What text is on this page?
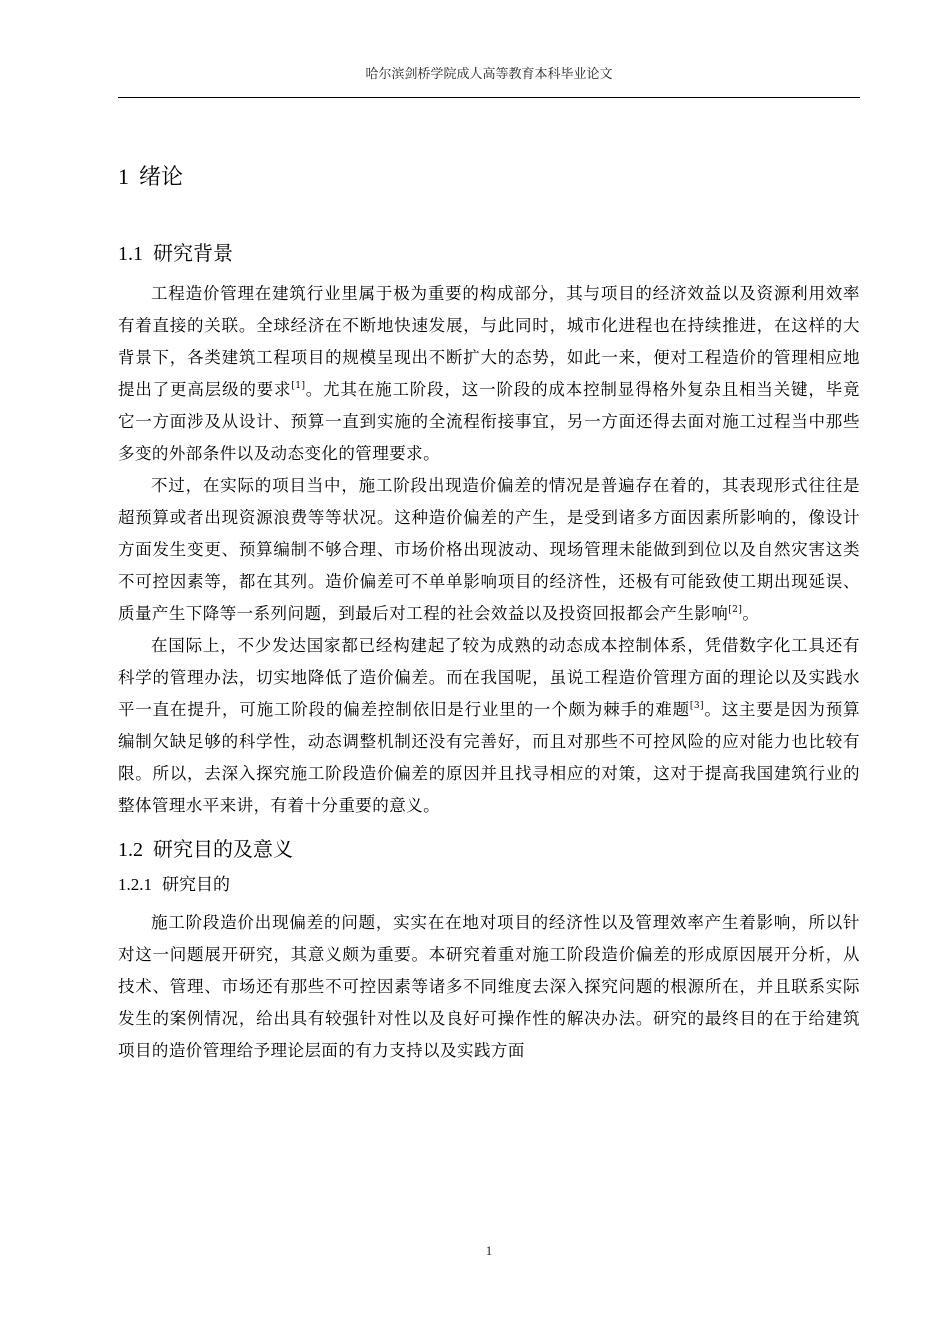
哈尔滨剑桥学院成人高等教育本科毕业论文
1 绪论
1.1 研究背景

工程造价管理在建筑行业里属于极为重要的构成部分，其与项目的经济效益以及资源利用效率有着直接的关联。全球经济在不断地快速发展，与此同时，城市化进程也在持续推进，在这样的大背景下，各类建筑工程项目的规模呈现出不断扩大的态势，如此一来，便对工程造价的管理相应地提出了更高层级的要求[1]。尤其在施工阶段，这一阶段的成本控制显得格外复杂且相当关键，毕竟它一方面涉及从设计、预算一直到实施的全流程衔接事宜，另一方面还得去面对施工过程当中那些多变的外部条件以及动态变化的管理要求。

不过，在实际的项目当中，施工阶段出现造价偏差的情况是普遍存在着的，其表现形式往往是超预算或者出现资源浪费等等状况。这种造价偏差的产生，是受到诸多方面因素所影响的，像设计方面发生变更、预算编制不够合理、市场价格出现波动、现场管理未能做到到位以及自然灾害这类不可控因素等，都在其列。造价偏差可不单单影响项目的经济性，还极有可能致使工期出现延误、质量产生下降等一系列问题，到最后对工程的社会效益以及投资回报都会产生影响[2]。

在国际上，不少发达国家都已经构建起了较为成熟的动态成本控制体系，凭借数字化工具还有科学的管理办法，切实地降低了造价偏差。而在我国呢，虽说工程造价管理方面的理论以及实践水平一直在提升，可施工阶段的偏差控制依旧是行业里的一个颇为棘手的难题[3]。这主要是因为预算编制欠缺足够的科学性，动态调整机制还没有完善好，而且对那些不可控风险的应对能力也比较有限。所以，去深入探究施工阶段造价偏差的原因并且找寻相应的对策，这对于提高我国建筑行业的整体管理水平来讲，有着十分重要的意义。

1.2 研究目的及意义
1.2.1 研究目的

施工阶段造价出现偏差的问题，实实在在地对项目的经济性以及管理效率产生着影响，所以针对这一问题展开研究，其意义颇为重要。本研究着重对施工阶段造价偏差的形成原因展开分析，从技术、管理、市场还有那些不可控因素等诸多不同维度去深入探究问题的根源所在，并且联系实际发生的案例情况，给出具有较强针对性以及良好可操作性的解决办法。研究的最终目的在于给建筑项目的造价管理给予理论层面的有力支持以及实践方面

1
